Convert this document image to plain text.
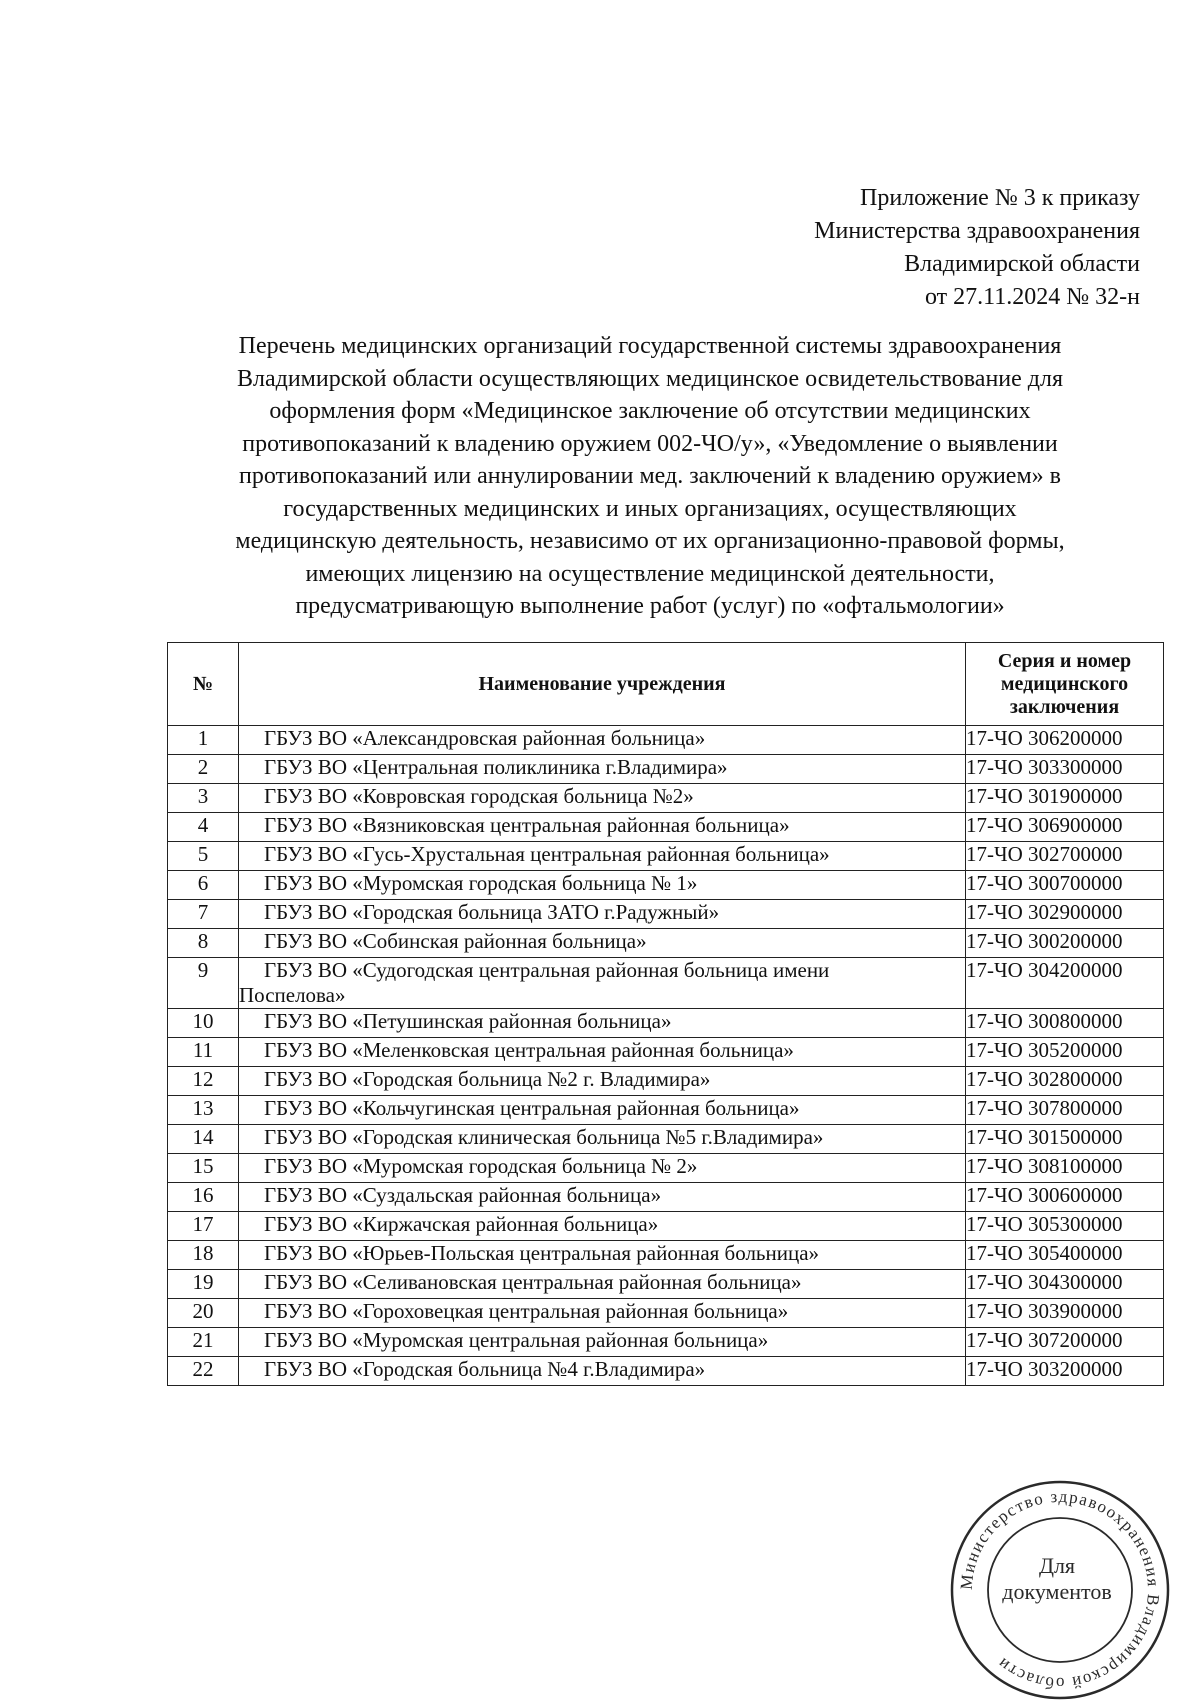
Приложение № 3 к приказу
Министерства здравоохранения
Владимирской области
от 27.11.2024 № 32-н
Перечень медицинских организаций государственной системы здравоохранения
Владимирской области осуществляющих медицинское освидетельствование для
оформления форм «Медицинское заключение об отсутствии медицинских
противопоказаний к владению оружием 002-ЧО/у», «Уведомление о выявлении
противопоказаний или аннулировании мед. заключений к владению оружием» в
государственных медицинских и иных организациях, осуществляющих
медицинскую деятельность, независимо от их организационно-правовой формы,
имеющих лицензию на осуществление медицинской деятельности,
предусматривающую выполнение работ (услуг) по «офтальмологии»
№	Наименование учреждения	Серия и номер медицинского заключения
1	ГБУЗ ВО «Александровская районная больница»	17-ЧО 306200000
2	ГБУЗ ВО «Центральная поликлиника г.Владимира»	17-ЧО 303300000
3	ГБУЗ ВО «Ковровская городская больница №2»	17-ЧО 301900000
4	ГБУЗ ВО «Вязниковская центральная районная больница»	17-ЧО 306900000
5	ГБУЗ ВО «Гусь-Хрустальная центральная районная больница»	17-ЧО 302700000
6	ГБУЗ ВО «Муромская городская больница № 1»	17-ЧО 300700000
7	ГБУЗ ВО «Городская больница ЗАТО г.Радужный»	17-ЧО 302900000
8	ГБУЗ ВО «Собинская районная больница»	17-ЧО 300200000
9	ГБУЗ ВО «Судогодская центральная районная больница имени
Поспелова»	17-ЧО 304200000
10	ГБУЗ ВО «Петушинская районная больница»	17-ЧО 300800000
11	ГБУЗ ВО «Меленковская центральная районная больница»	17-ЧО 305200000
12	ГБУЗ ВО «Городская больница №2 г. Владимира»	17-ЧО 302800000
13	ГБУЗ ВО «Кольчугинская центральная районная больница»	17-ЧО 307800000
14	ГБУЗ ВО «Городская клиническая больница №5 г.Владимира»	17-ЧО 301500000
15	ГБУЗ ВО «Муромская городская больница № 2»	17-ЧО 308100000
16	ГБУЗ ВО «Суздальская районная больница»	17-ЧО 300600000
17	ГБУЗ ВО «Киржачская районная больница»	17-ЧО 305300000
18	ГБУЗ ВО «Юрьев-Польская центральная районная больница»	17-ЧО 305400000
19	ГБУЗ ВО «Селивановская центральная районная больница»	17-ЧО 304300000
20	ГБУЗ ВО «Гороховецкая центральная районная больница»	17-ЧО 303900000
21	ГБУЗ ВО «Муромская центральная районная больница»	17-ЧО 307200000
22	ГБУЗ ВО «Городская больница №4 г.Владимира»	17-ЧО 303200000
Министерство здравоохранения Владимирской области
Для
документов
